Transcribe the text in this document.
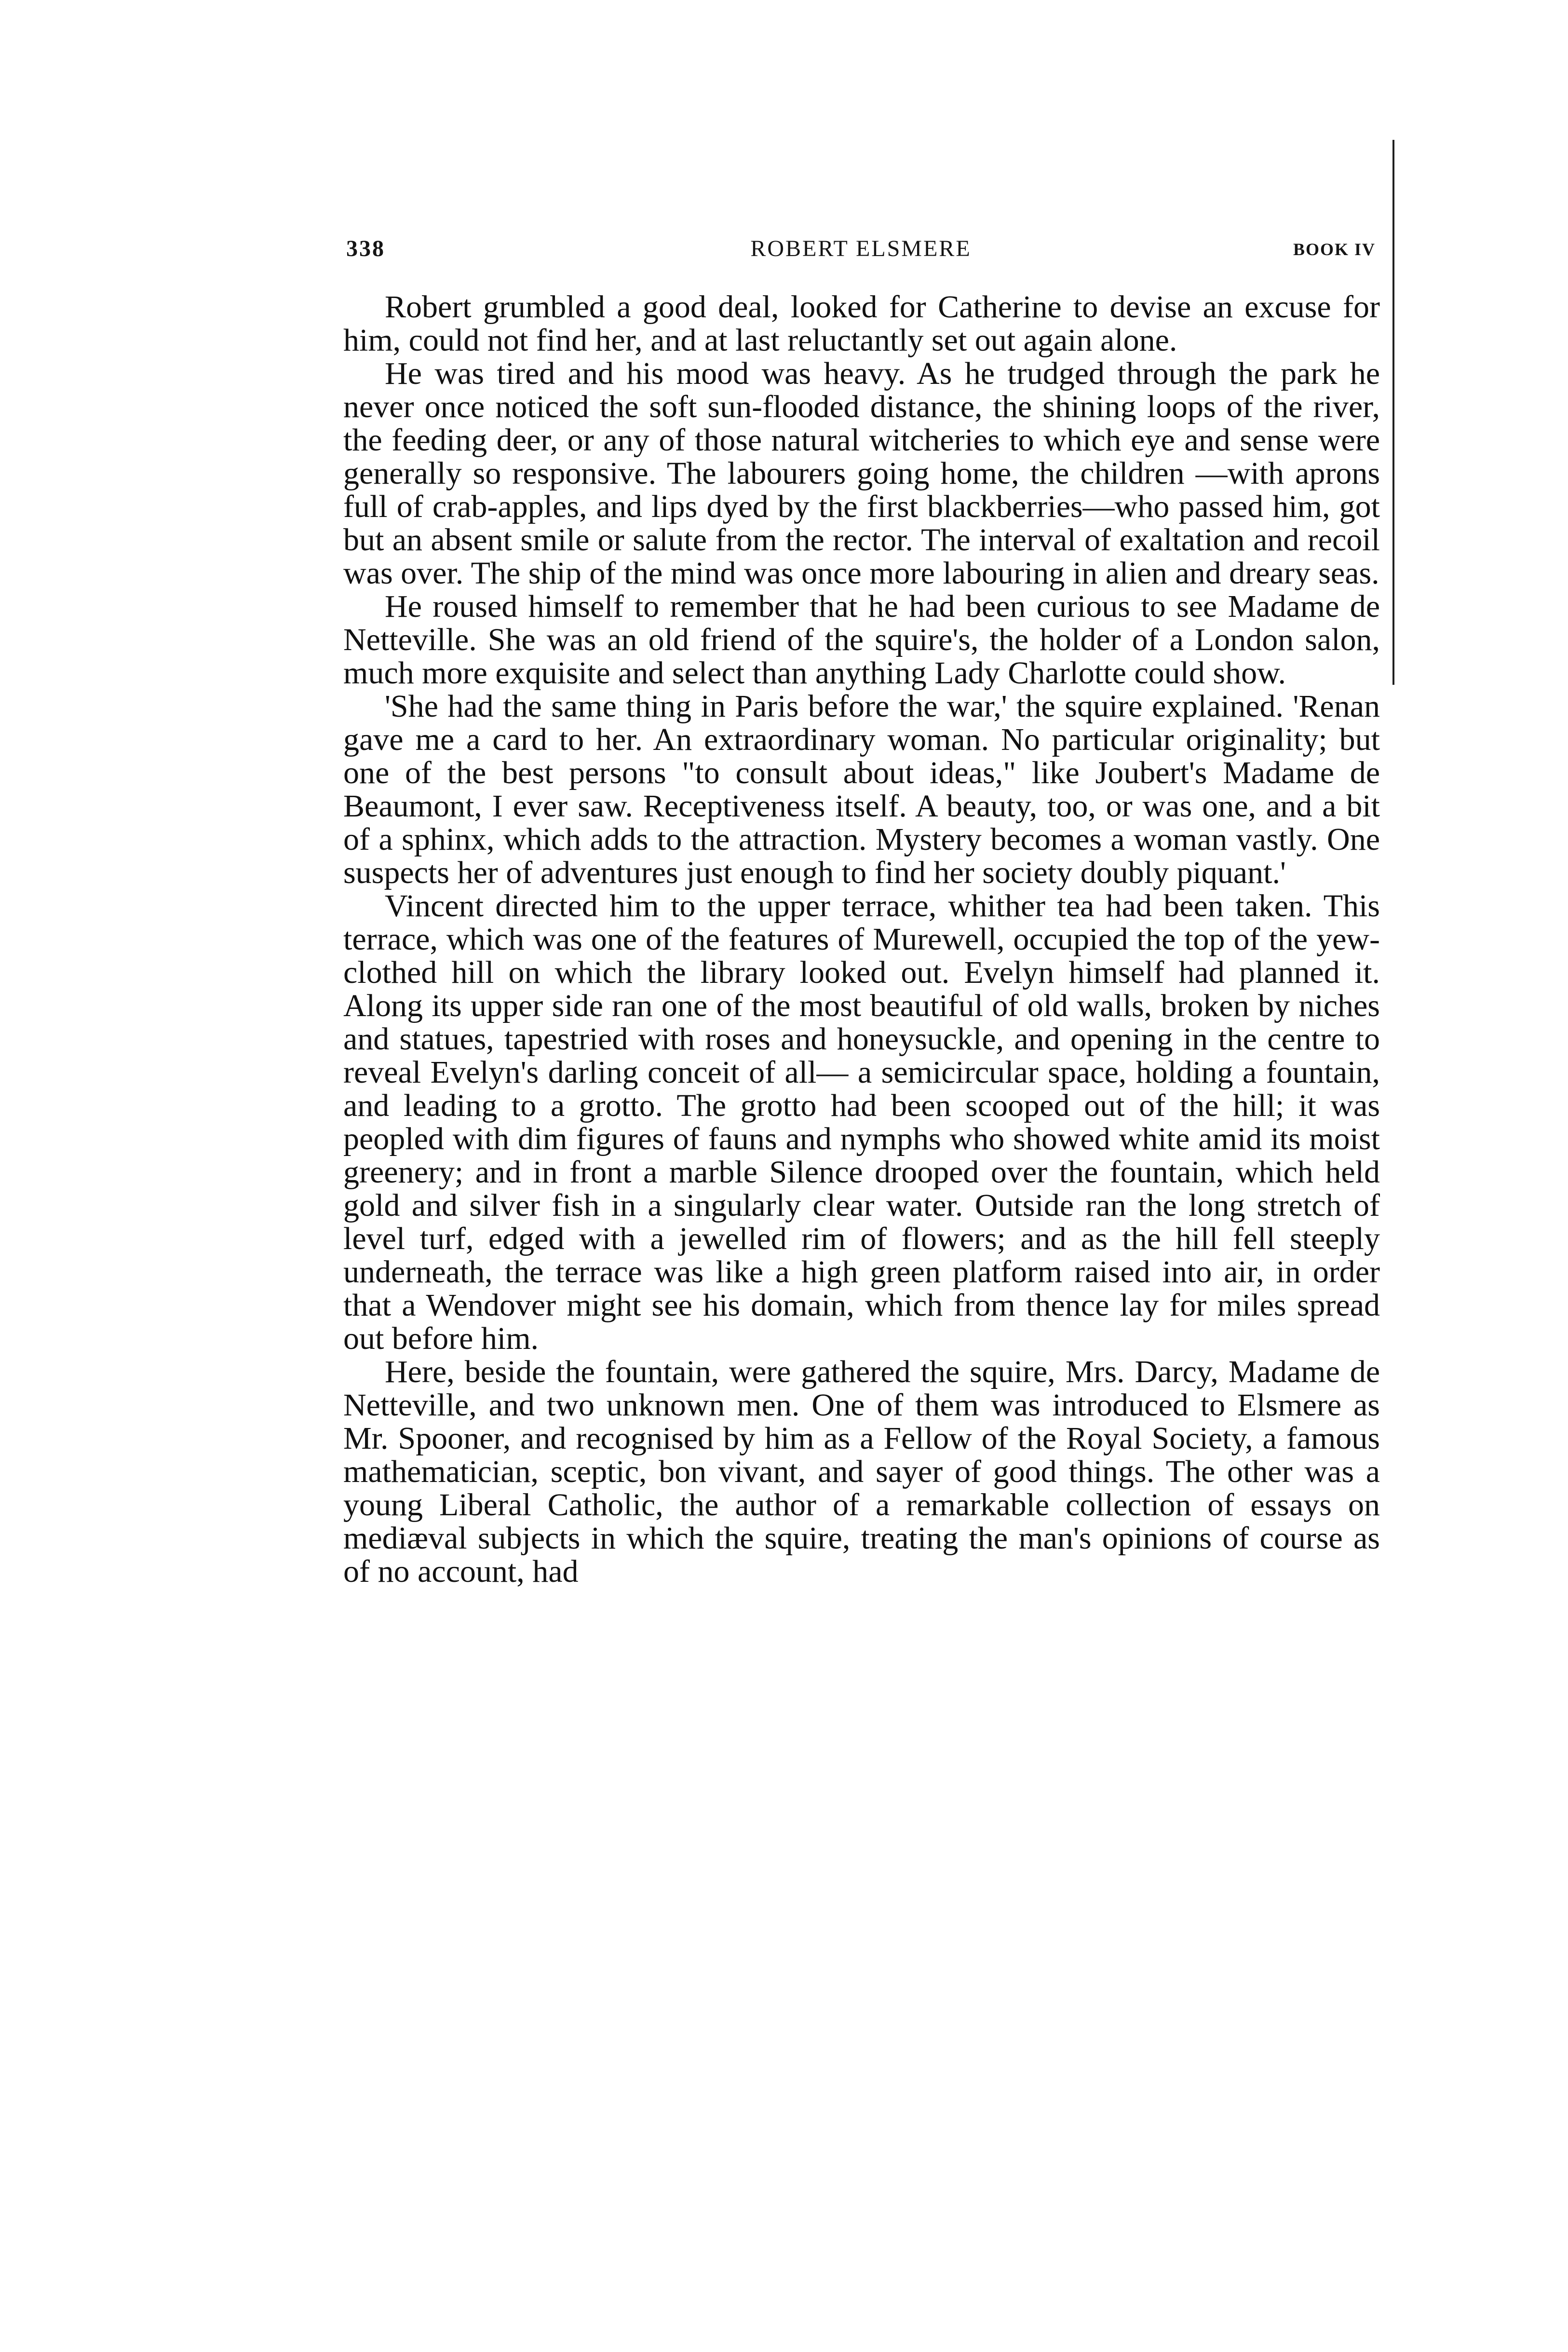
338	ROBERT ELSMERE	BOOK IV

Robert grumbled a good deal, looked for Catherine to devise an excuse for him, could not find her, and at last reluctantly set out again alone.

He was tired and his mood was heavy. As he trudged through the park he never once noticed the soft sun-flooded distance, the shining loops of the river, the feeding deer, or any of those natural witcheries to which eye and sense were generally so responsive. The labourers going home, the children —with aprons full of crab-apples, and lips dyed by the first blackberries—who passed him, got but an absent smile or salute from the rector. The interval of exaltation and recoil was over. The ship of the mind was once more labouring in alien and dreary seas.

He roused himself to remember that he had been curious to see Madame de Netteville. She was an old friend of the squire's, the holder of a London salon, much more exquisite and select than anything Lady Charlotte could show.

'She had the same thing in Paris before the war,' the squire explained. 'Renan gave me a card to her. An extraordinary woman. No particular originality; but one of the best persons "to consult about ideas," like Joubert's Madame de Beaumont, I ever saw. Receptiveness itself. A beauty, too, or was one, and a bit of a sphinx, which adds to the attraction. Mystery becomes a woman vastly. One suspects her of adventures just enough to find her society doubly piquant.'

Vincent directed him to the upper terrace, whither tea had been taken. This terrace, which was one of the features of Murewell, occupied the top of the yew-clothed hill on which the library looked out. Evelyn himself had planned it. Along its upper side ran one of the most beautiful of old walls, broken by niches and statues, tapestried with roses and honeysuckle, and opening in the centre to reveal Evelyn's darling conceit of all— a semicircular space, holding a fountain, and leading to a grotto. The grotto had been scooped out of the hill; it was peopled with dim figures of fauns and nymphs who showed white amid its moist greenery; and in front a marble Silence drooped over the fountain, which held gold and silver fish in a singularly clear water. Outside ran the long stretch of level turf, edged with a jewelled rim of flowers; and as the hill fell steeply underneath, the terrace was like a high green platform raised into air, in order that a Wendover might see his domain, which from thence lay for miles spread out before him.

Here, beside the fountain, were gathered the squire, Mrs. Darcy, Madame de Netteville, and two unknown men. One of them was introduced to Elsmere as Mr. Spooner, and recognised by him as a Fellow of the Royal Society, a famous mathematician, sceptic, bon vivant, and sayer of good things. The other was a young Liberal Catholic, the author of a remarkable collection of essays on mediæval subjects in which the squire, treating the man's opinions of course as of no account, had
